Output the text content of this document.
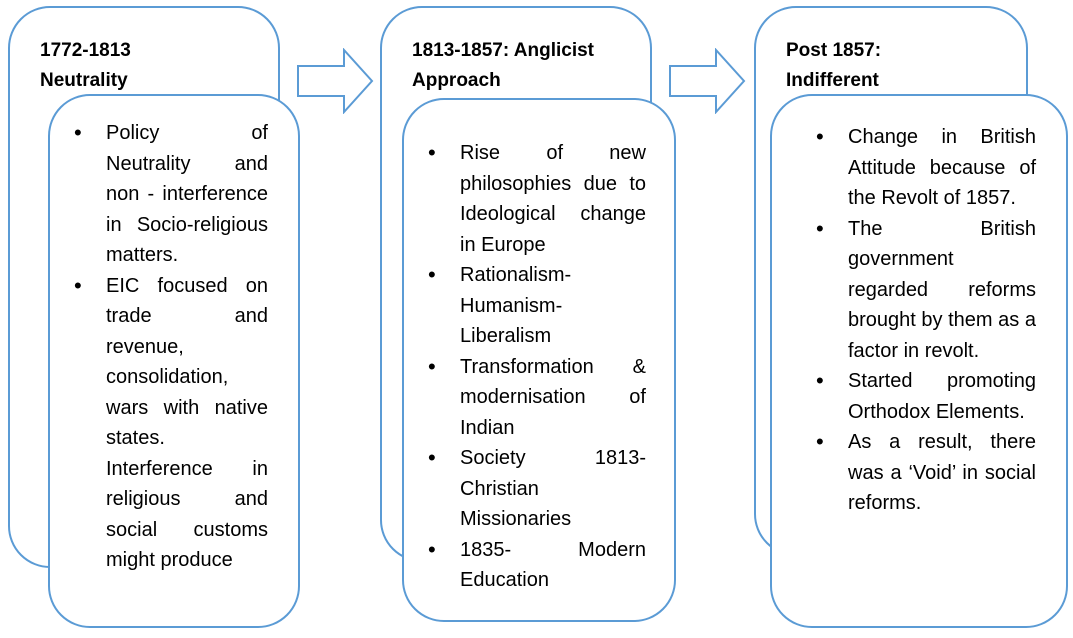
1772-1813
Neutrality
• Policy of Neutrality and non - interference in Socio-religious matters.
• EIC focused on trade and revenue, consolidation, wars with native states.

Interference in religious and social customs might produce

1813-1857: Anglicist
Approach
• Rise of new philosophies due to Ideological change in Europe
• Rationalism- Humanism- Liberalism
• Transformation & modernisation of Indian
• Society 1813- Christian Missionaries
• 1835- Modern Education
Post 1857:
Indifferent
• Change in British Attitude because of the Revolt of 1857.
• The British government regarded reforms brought by them as a factor in revolt.
• Started promoting Orthodox Elements.
• As a result, there was a ‘Void’ in social reforms.
